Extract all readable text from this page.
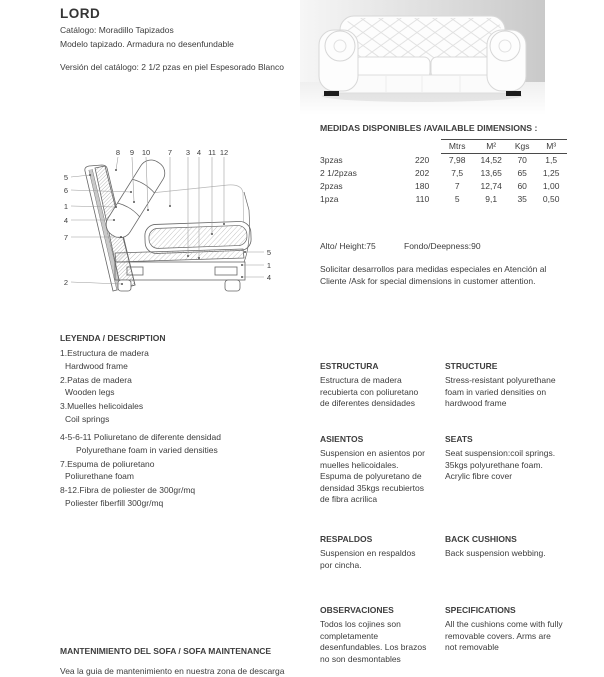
LORD
Catálogo: Moradillo Tapizados
Modelo tapizado. Armadura no desenfundable
Versión del catálogo: 2 1/2 pzas en piel Espesorado Blanco
8 9 10 7 3 4 11 12
5
6
1
4
7
2
5
1
4
MEDIDAS DISPONIBLES /AVAILABLE DIMENSIONS :
		Mtrs	M²	Kgs	M³
3pzas	220	7,98	14,52	70	1,5
2 1/2pzas	202	7,5	13,65	65	1,25
2pzas	180	7	12,74	60	1,00
1pza	110	5	9,1	35	0,50
Alto/ Height:75	Fondo/Deepness:90
Solicitar desarrollos para medidas especiales en Atención al Cliente /Ask for special dimensions in customer attention.
LEYENDA / DESCRIPTION
1.Estructura de madera
Hardwood frame
2.Patas de madera
Wooden legs
3.Muelles helicoidales
Coil springs
4-5-6-11 Poliuretano de diferente densidad
Polyurethane foam in varied densities
7.Espuma de poliuretano
Poliurethane foam
8-12.Fibra de poliester de 300gr/mq
Poliester fiberfill 300gr/mq
ESTRUCTURA

Estructura de madera recubierta con poliuretano de diferentes densidades

STRUCTURE

Stress-resistant polyurethane foam in varied densities on hardwood frame

ASIENTOS

Suspension en asientos por muelles helicoidales. Espuma de polyuretano de densidad 35kgs recubiertos de fibra acrilica

SEATS

Seat suspension:coil springs. 35kgs polyurethane foam. Acrylic fibre cover

RESPALDOS

Suspension en respaldos por cincha.

BACK CUSHIONS

Back suspension webbing.

OBSERVACIONES

Todos los cojines son completamente desenfundables. Los brazos no son desmontables

SPECIFICATIONS

All the cushions come with fully removable covers. Arms are not removable

MANTENIMIENTO DEL SOFA / SOFA MAINTENANCE
Vea la guia de mantenimiento en nuestra zona de descarga
